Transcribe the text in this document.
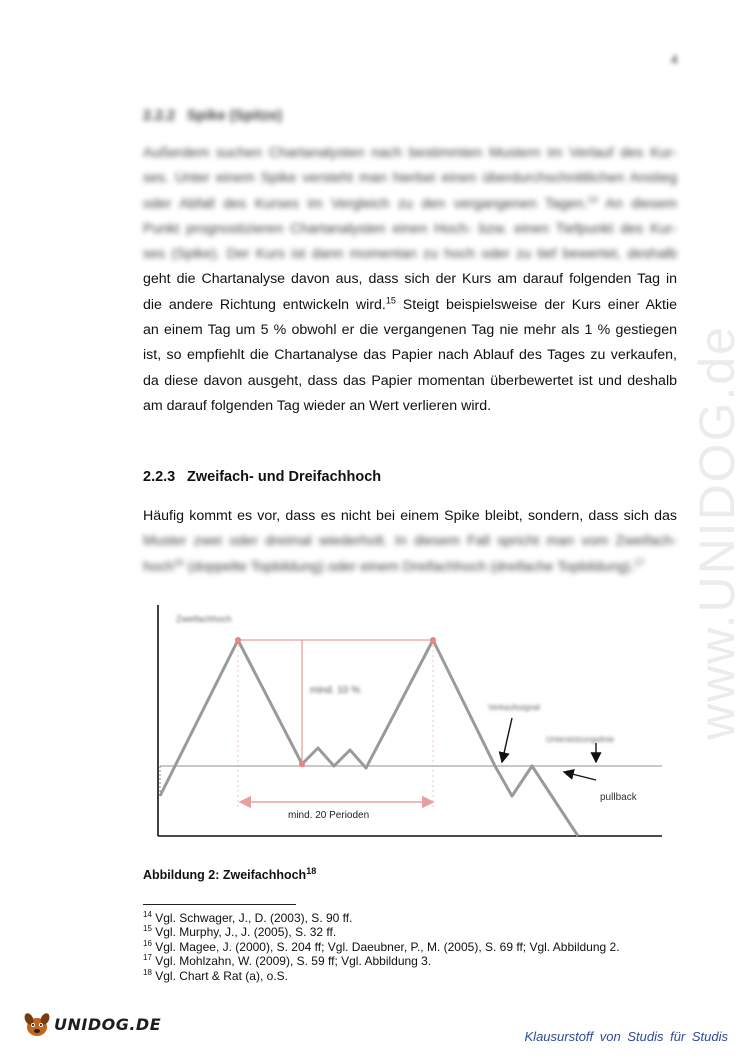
4
www.UNIDOG.de
2.2.2 Spike (Spitze)

Außerdem suchen Chartanalysten nach bestimmten Mustern im Verlauf des Kur-
ses. Unter einem Spike versteht man hierbei einen überdurchschnittlichen Anstieg
oder Abfall des Kurses im Vergleich zu den vergangenen Tagen.$^{14}$ An diesem
Punkt prognostizieren Chartanalysten einen Hoch- bzw. einen Tiefpunkt des Kur-
ses (Spike). Der Kurs ist dann momentan zu hoch oder zu tief bewertet, deshalb
geht die Chartanalyse davon aus, dass sich der Kurs am darauf folgenden Tag in
die andere Richtung entwickeln wird.$^{15}$ Steigt beispielsweise der Kurs einer Aktie
an einem Tag um 5 % obwohl er die vergangenen Tag nie mehr als 1 % gestiegen
ist, so empfiehlt die Chartanalyse das Papier nach Ablauf des Tages zu verkaufen,
da diese davon ausgeht, dass das Papier momentan überbewertet ist und deshalb
am darauf folgenden Tag wieder an Wert verlieren wird.

2.2.3 Zweifach- und Dreifachhoch

Häufig kommt es vor, dass es nicht bei einem Spike bleibt, sondern, dass sich das
Muster zwei oder dreimal wiederholt. In diesem Fall spricht man vom Zweifach-
hoch$^{16}$ (doppelte Topbildung) oder einem Dreifachhoch (dreifache Topbildung).$^{17}$

Zweifachhoch
mind. 10 %
Verkaufssignal
Unterstützungslinie
pullback
mind. 20 Perioden

Abbildung 2: Zweifachhoch$^{18}$

$^{14}$ Vgl. Schwager, J., D. (2003), S. 90 ff.
$^{15}$ Vgl. Murphy, J., J. (2005), S. 32 ff.
$^{16}$ Vgl. Magee, J. (2000), S. 204 ff; Vgl. Daeubner, P., M. (2005), S. 69 ff; Vgl. Abbildung 2.
$^{17}$ Vgl. Mohlzahn, W. (2009), S. 59 ff; Vgl. Abbildung 3.
$^{18}$ Vgl. Chart & Rat (a), o.S.
UNIDOG.DE
Klausurstoff von Studis für Studis
